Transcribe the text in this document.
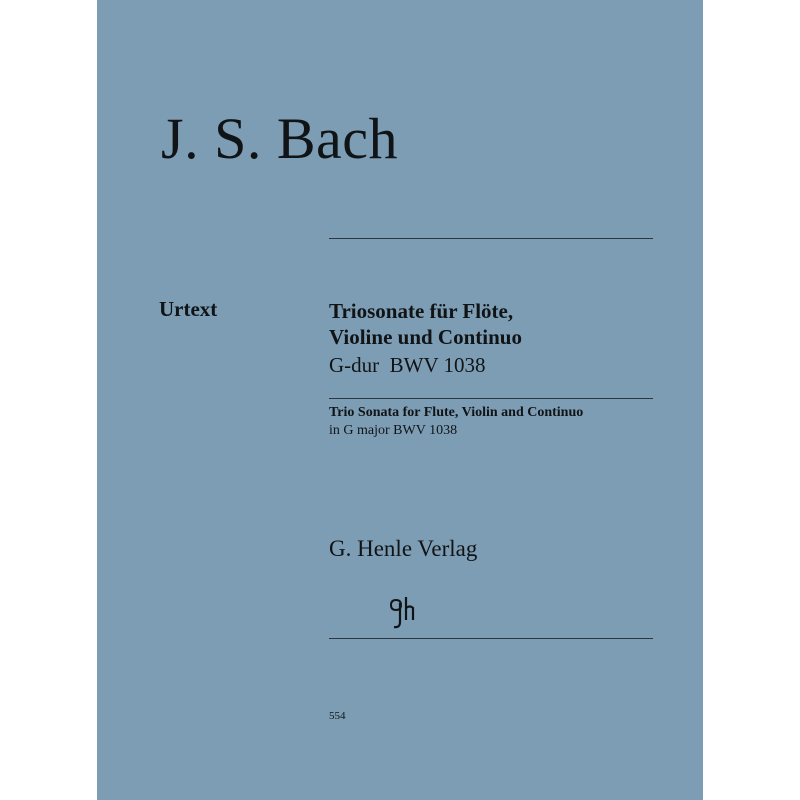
J. S. Bach
Urtext	Triosonate für Flöte,
Violine und Continuo
G-dur  BWV 1038
Trio Sonata for Flute, Violin and Continuo
in G major BWV 1038
G. Henle Verlag
554
